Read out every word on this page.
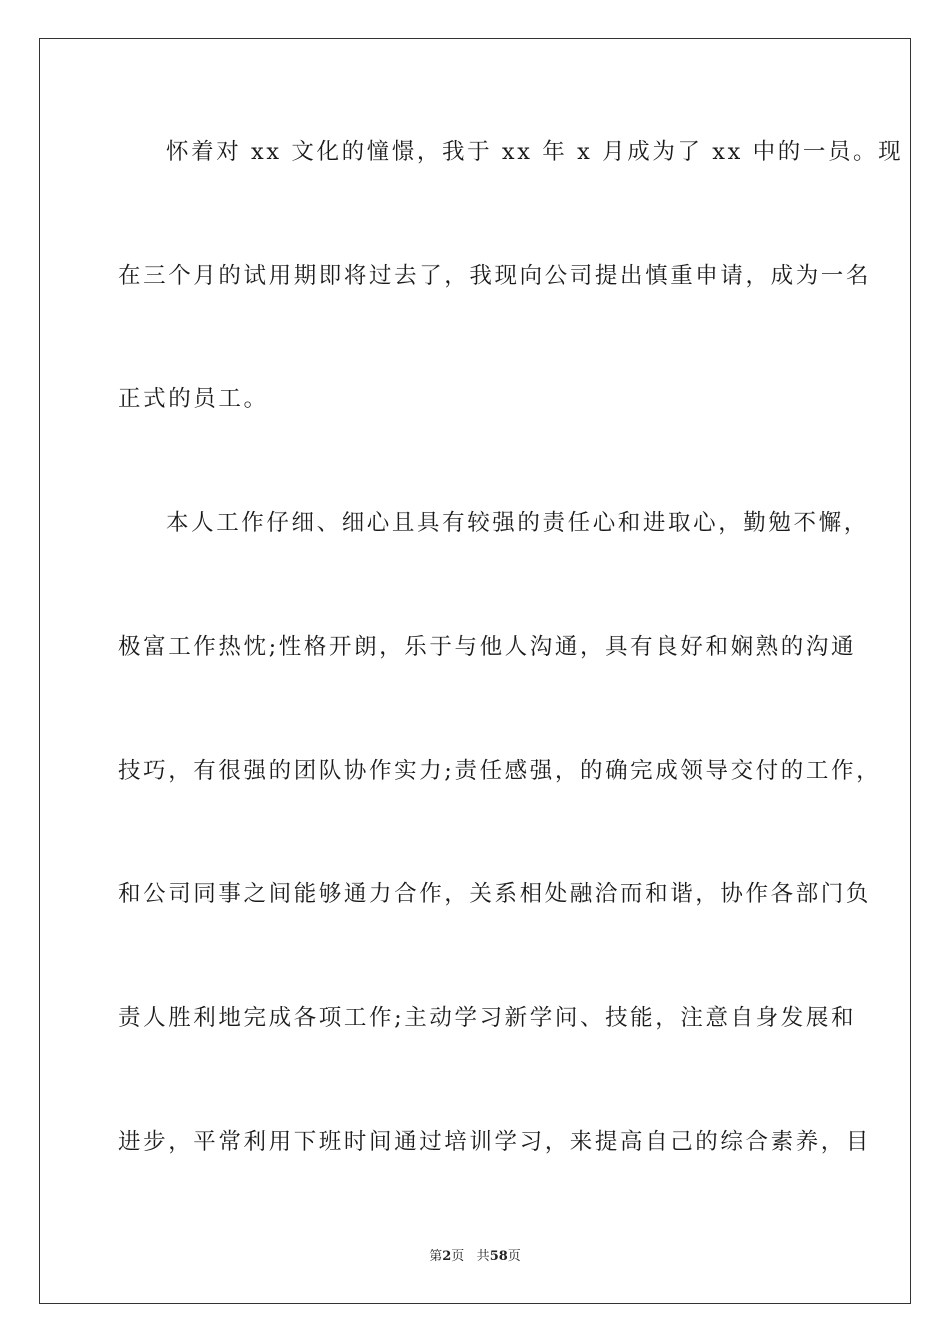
怀着对 xx 文化的憧憬，我于 xx 年 x 月成为了 xx 中的一员。现
在三个月的试用期即将过去了，我现向公司提出慎重申请，成为一名
正式的员工。
本人工作仔细、细心且具有较强的责任心和进取心，勤勉不懈，
极富工作热忱;性格开朗，乐于与他人沟通，具有良好和娴熟的沟通
技巧，有很强的团队协作实力;责任感强，的确完成领导交付的工作，
和公司同事之间能够通力合作，关系相处融洽而和谐，协作各部门负
责人胜利地完成各项工作;主动学习新学问、技能，注意自身发展和
进步，平常利用下班时间通过培训学习，来提高自己的综合素养，目
第2页 共58页
